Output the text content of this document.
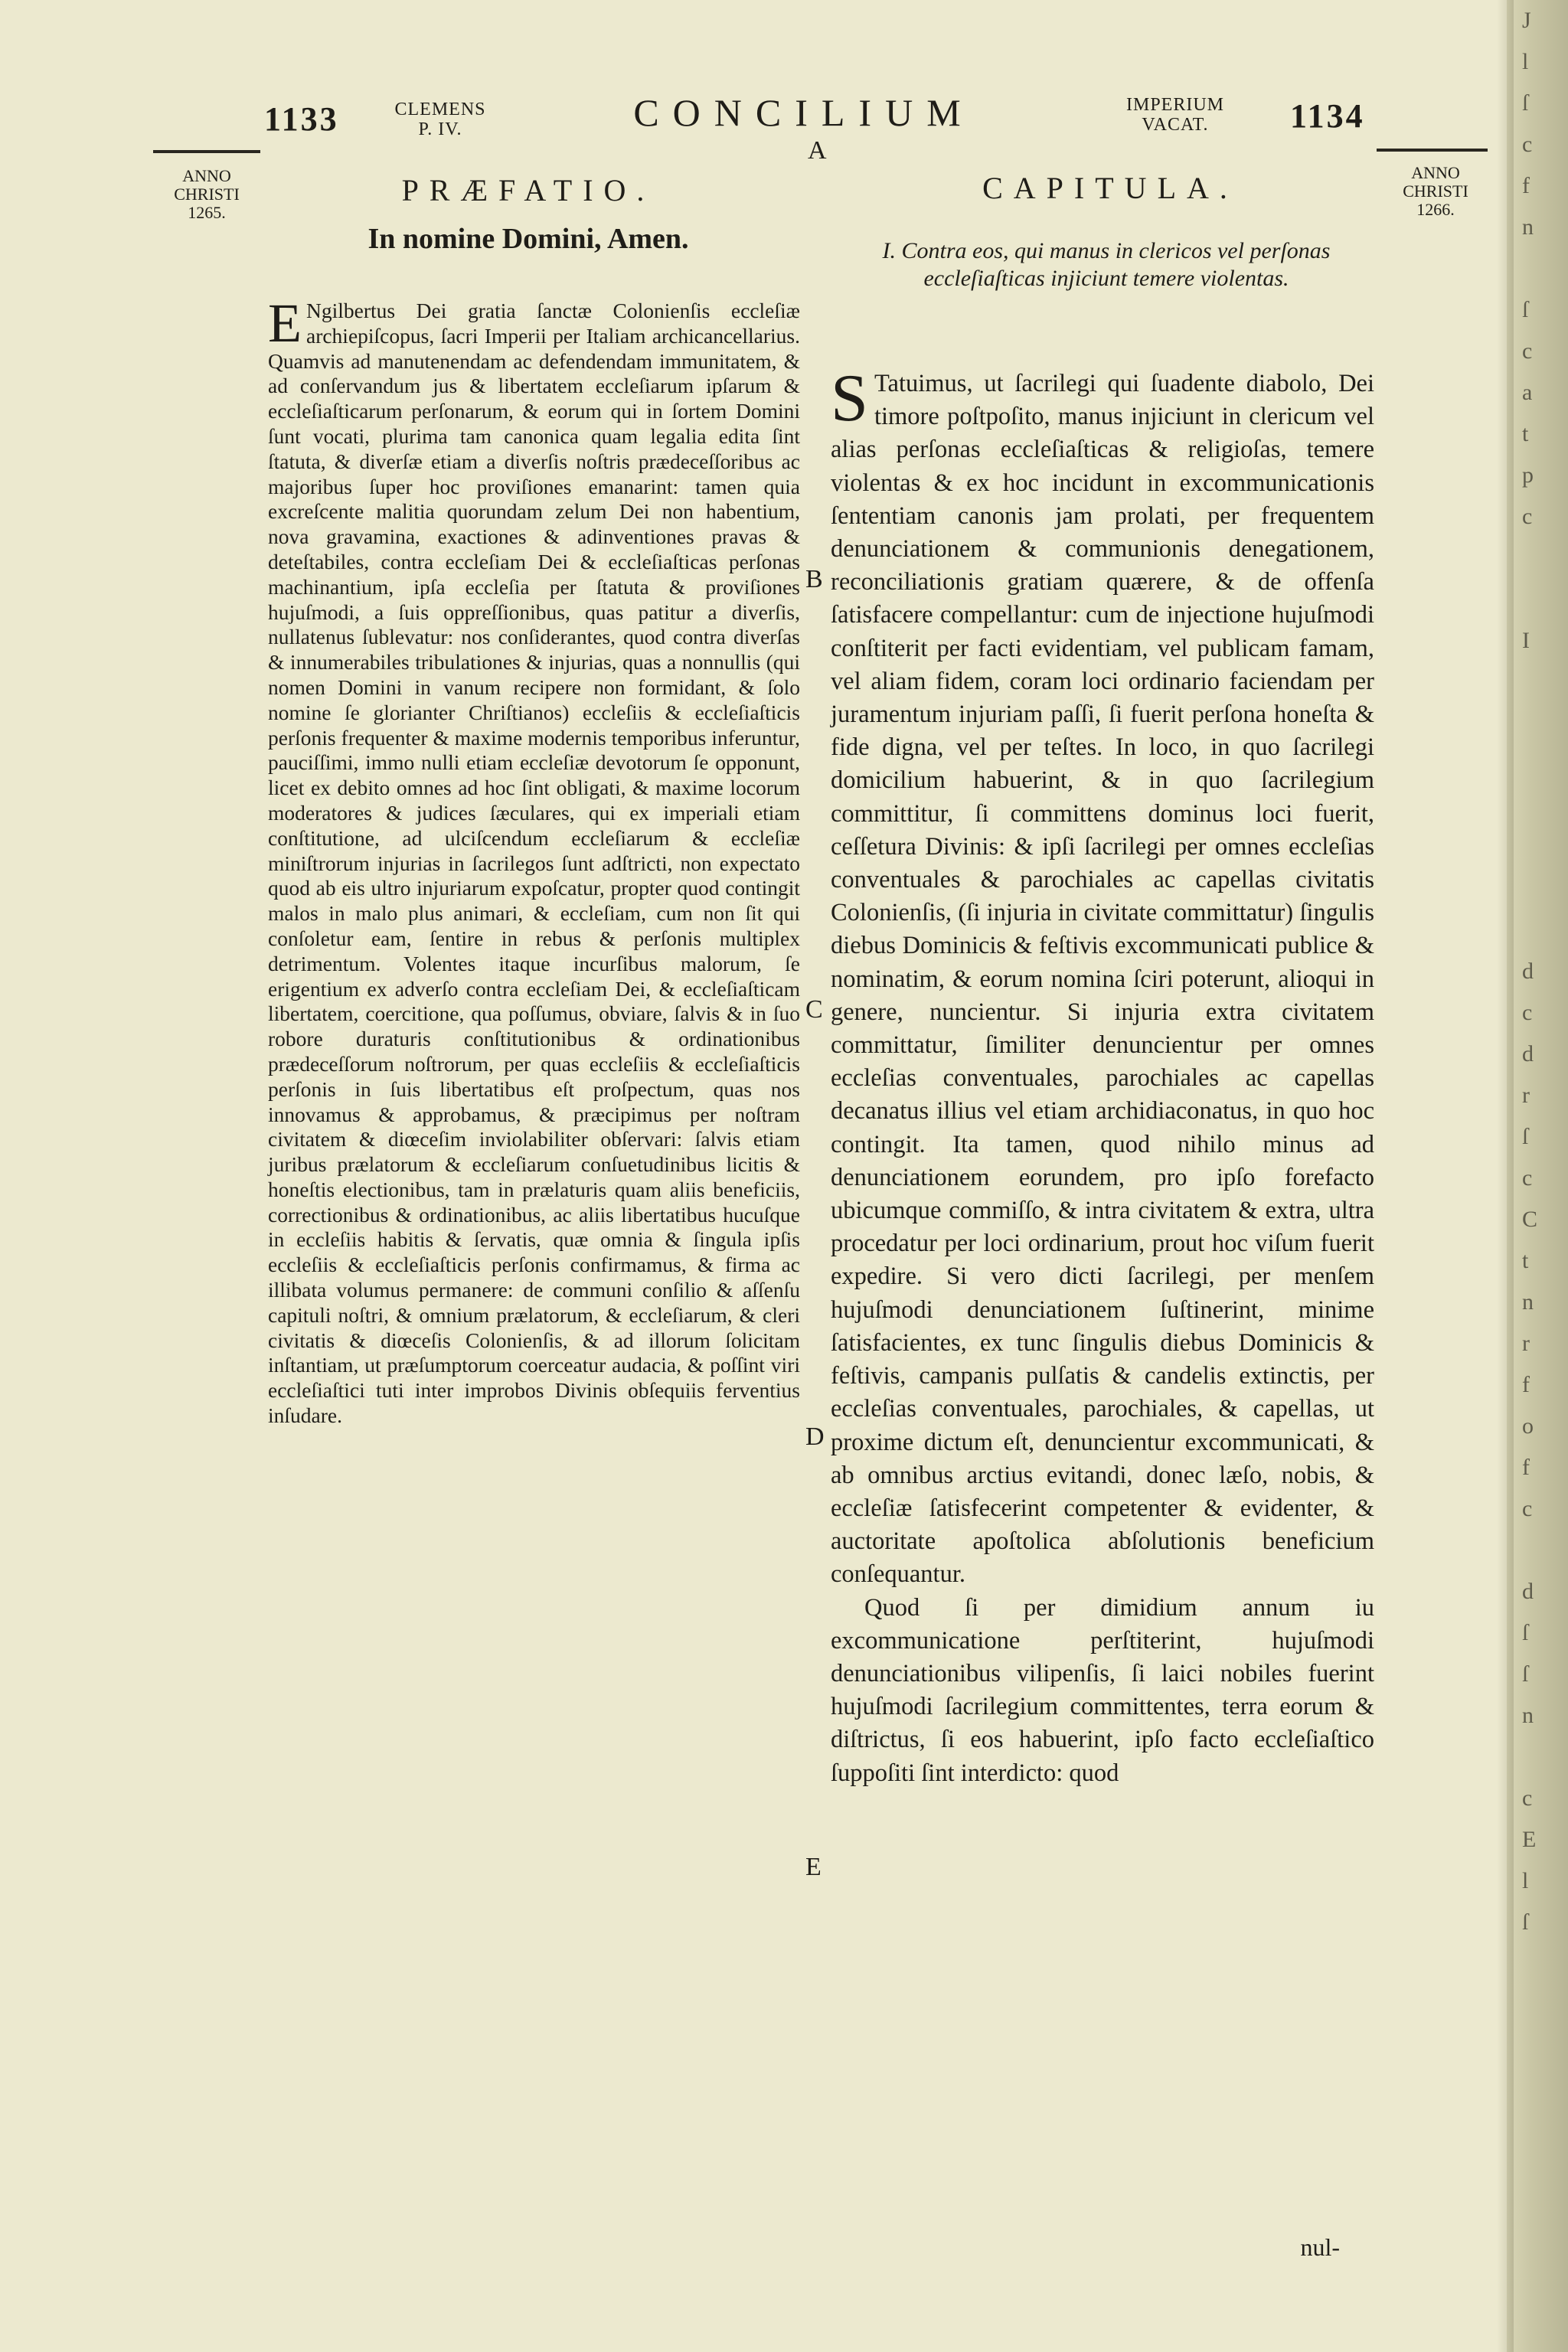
J
l
ſ
c
f
n

ſ
c
a
t
p
c

I

d
c
d
r
ſ
c
C
t
n
r
f
o
f
c

d
ſ
ſ
n

c
E
l
ſ
1133	CLEMENS
P. IV.	CONCILIUM
A
IMPERIUM
VACAT.	1134
ANNO
CHRISTI
1265.
ANNO
CHRISTI
1266.
PRÆFATIO.	CAPITULA.
In nomine Domini, Amen.	I. Contra eos, qui manus in clericos vel perſonas eccleſiaſticas injiciunt temere violentas.
E Ngilbertus Dei gratia ſanctæ Colonienſis eccleſiæ archiepiſcopus, ſacri Imperii per Italiam archicancellarius. Quamvis ad manutenendam ac defendendam immunitatem, & ad conſervandum jus & libertatem eccleſiarum ipſarum & eccleſiaſticarum perſonarum, & eorum qui in ſortem Domini ſunt vocati, plurima tam canonica quam legalia edita ſint ſtatuta, & diverſæ etiam a diverſis noſtris prædeceſſoribus ac majoribus ſuper hoc proviſiones emanarint: tamen quia excreſcente malitia quorundam zelum Dei non habentium, nova gravamina, exactiones & adinventiones pravas & deteſtabiles, contra eccleſiam Dei & eccleſiaſticas perſonas machinantium, ipſa eccleſia per ſtatuta & proviſiones hujuſmodi, a ſuis oppreſſionibus, quas patitur a diverſis, nullatenus ſublevatur: nos conſiderantes, quod contra diverſas & innumerabiles tribulationes & injurias, quas a nonnullis (qui nomen Domini in vanum recipere non formidant, & ſolo nomine ſe glorianter Chriſtianos) eccleſiis & eccleſiaſticis perſonis frequenter & maxime modernis temporibus inferuntur, pauciſſimi, immo nulli etiam eccleſiæ devotorum ſe opponunt, licet ex debito omnes ad hoc ſint obligati, & maxime locorum moderatores & judices ſæculares, qui ex imperiali etiam conſtitutione, ad ulciſcendum eccleſiarum & eccleſiæ miniſtrorum injurias in ſacrilegos ſunt adſtricti, non expectato quod ab eis ultro injuriarum expoſcatur, propter quod contingit malos in malo plus animari, & eccleſiam, cum non ſit qui conſoletur eam, ſentire in rebus & perſonis multiplex detrimentum. Volentes itaque incurſibus malorum, ſe erigentium ex adverſo contra eccleſiam Dei, & eccleſiaſticam libertatem, coercitione, qua poſſumus, obviare, ſalvis & in ſuo robore duraturis conſtitutionibus & ordinationibus prædeceſſorum noſtrorum, per quas eccleſiis & eccleſiaſticis perſonis in ſuis libertatibus eſt proſpectum, quas nos innovamus & approbamus, & præcipimus per noſtram civitatem & diœceſim inviolabiliter obſervari: ſalvis etiam juribus prælatorum & eccleſiarum conſuetudinibus licitis & honeſtis electionibus, tam in prælaturis quam aliis beneficiis, correctionibus & ordinationibus, ac aliis libertatibus hucuſque in eccleſiis habitis & ſervatis, quæ omnia & ſingula ipſis eccleſiis & eccleſiaſticis perſonis confirmamus, & firma ac illibata volumus permanere: de communi conſilio & aſſenſu capituli noſtri, & omnium prælatorum, & eccleſiarum, & cleri civitatis & diœceſis Colonienſis, & ad illorum ſolicitam inſtantiam, ut præſumptorum coerceatur audacia, & poſſint viri eccleſiaſtici tuti inter improbos Divinis obſequiis ferventius inſudare.

S Tatuimus, ut ſacrilegi qui ſuadente diabolo, Dei timore poſtpoſito, manus injiciunt in clericum vel alias perſonas eccleſiaſticas & religioſas, temere violentas & ex hoc incidunt in excommunicationis ſententiam canonis jam prolati, per frequentem denunciationem & communionis denegationem, reconciliationis gratiam quærere, & de offenſa ſatisfacere compellantur: cum de injectione hujuſmodi conſtiterit per facti evidentiam, vel publicam famam, vel aliam fidem, coram loci ordinario faciendam per juramentum injuriam paſſi, ſi fuerit perſona honeſta & fide digna, vel per teſtes. In loco, in quo ſacrilegi domicilium habuerint, & in quo ſacrilegium committitur, ſi committens dominus loci fuerit, ceſſetura Divinis: & ipſi ſacrilegi per omnes eccleſias conventuales & parochiales ac capellas civitatis Colonienſis, (ſi injuria in civitate committatur) ſingulis diebus Dominicis & feſtivis excommunicati publice & nominatim, & eorum nomina ſciri poterunt, alioqui in genere, nuncientur. Si injuria extra civitatem committatur, ſimiliter denuncientur per omnes eccleſias conventuales, parochiales ac capellas decanatus illius vel etiam archidiaconatus, in quo hoc contingit. Ita tamen, quod nihilo minus ad denunciationem eorundem, pro ipſo forefacto ubicumque commiſſo, & intra civitatem & extra, ultra procedatur per loci ordinarium, prout hoc viſum fuerit expedire. Si vero dicti ſacrilegi, per menſem hujuſmodi denunciationem ſuſtinerint, minime ſatisfacientes, ex tunc ſingulis diebus Dominicis & feſtivis, campanis pulſatis & candelis extinctis, per eccleſias conventuales, parochiales, & capellas, ut proxime dictum eſt, denuncientur excommunicati, & ab omnibus arctius evitandi, donec læſo, nobis, & eccleſiæ ſatisfecerint competenter & evidenter, & auctoritate apoſtolica abſolutionis beneficium conſequantur.

Quod ſi per dimidium annum iu excommunicatione perſtiterint, hujuſmodi denunciationibus vilipenſis, ſi laici nobiles fuerint hujuſmodi ſacrilegium committentes, terra eorum & diſtrictus, ſi eos habuerint, ipſo facto eccleſiaſtico ſuppoſiti ſint interdicto: quod

nul-
B
C
D
E
